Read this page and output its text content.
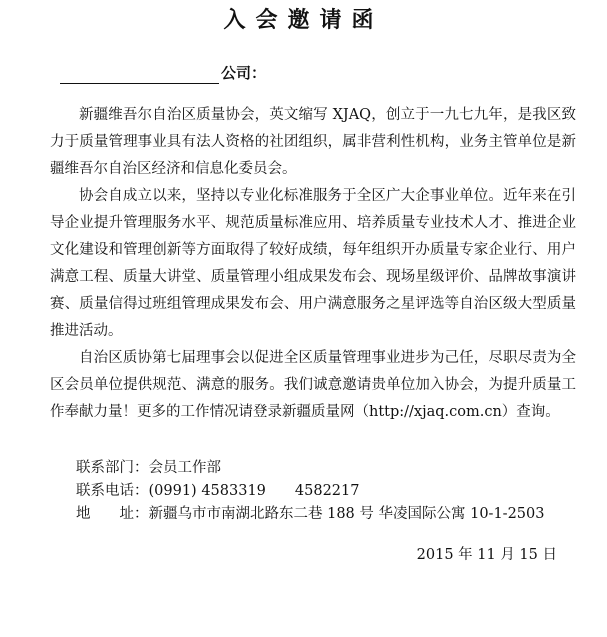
入会邀请函
公司：

新疆维吾尔自治区质量协会，英文缩写 XJAQ，创立于一九七九年，是我区致力于质量管理事业具有法人资格的社团组织，属非营利性机构，业务主管单位是新疆维吾尔自治区经济和信息化委员会。

协会自成立以来，坚持以专业化标准服务于全区广大企事业单位。近年来在引导企业提升管理服务水平、规范质量标准应用、培养质量专业技术人才、推进企业文化建设和管理创新等方面取得了较好成绩，每年组织开办质量专家企业行、用户满意工程、质量大讲堂、质量管理小组成果发布会、现场星级评价、品牌故事演讲赛、质量信得过班组管理成果发布会、用户满意服务之星评选等自治区级大型质量推进活动。

自治区质协第七届理事会以促进全区质量管理事业进步为己任，尽职尽责为全区会员单位提供规范、满意的服务。我们诚意邀请贵单位加入协会，为提升质量工作奉献力量！更多的工作情况请登录新疆质量网（http://xjaq.com.cn）查询。

联系部门：会员工作部
联系电话：(0991) 4583319　　4582217
地　　址：新疆乌市市南湖北路东二巷 188 号 华凌国际公寓 10-1-2503
2015 年 11 月 15 日
